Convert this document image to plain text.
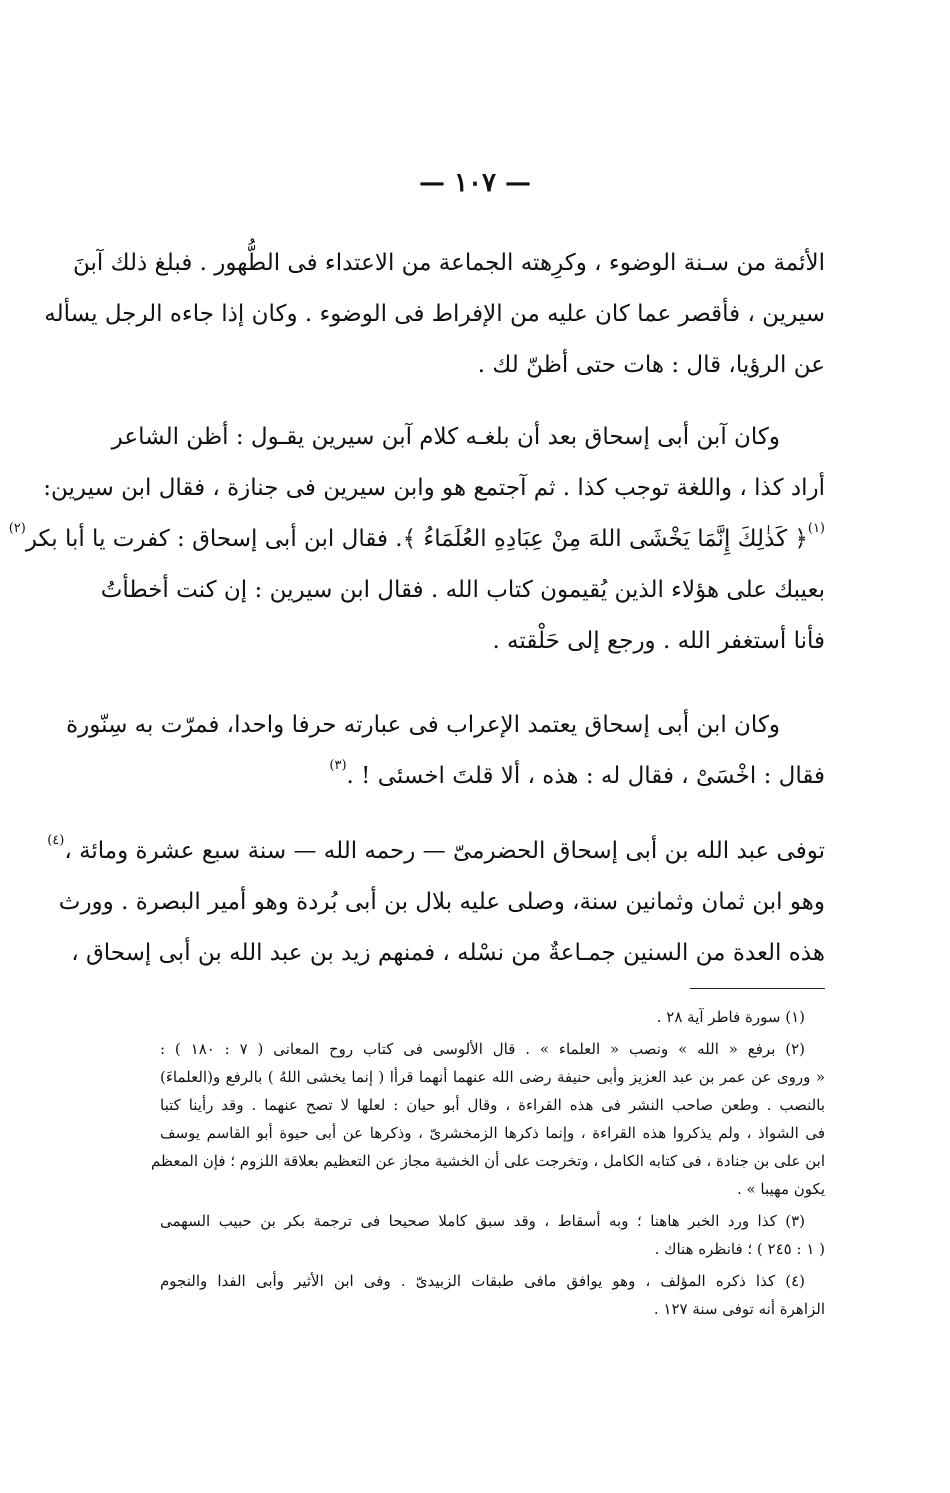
— ١٠٧ —
الأئمة من سـنة الوضوء ، وكرِهته الجماعة من الاعتداء فى الطُّهور . فبلغ ذلك آبنَ
سيرين ، فأقصر عما كان عليه من الإفراط فى الوضوء . وكان إذا جاءه الرجل يسأله
عن الرؤيا، قال : هات حتى أظنّ لك .
وكان آبن أبى إسحاق بعد أن بلغـه كلام آبن سيرين يقـول : أظن الشاعر
أراد كذا ، واللغة توجب كذا . ثم آجتمع هو وابن سيرين فى جنازة ، فقال ابن سيرين:
$^{(١)}$﴿ كَذٰلِكَ إِنَّمَا يَخْشَى اللهَ مِنْ عِبَادِهِ العُلَمَاءُ ﴾. فقال ابن أبى إسحاق : كفرت يا أبا بكر$^{(٢)}$
بعيبك على هؤلاء الذين يُقيمون كتاب الله . فقال ابن سيرين : إن كنت أخطأتُ
فأنا أستغفر الله . ورجع إلى حَلْقته .
وكان ابن أبى إسحاق يعتمد الإعراب فى عبارته حرفا واحدا، فمرّت به سِنّورة
فقال : اخْسَىْ ، فقال له : هذه ، ألا قلتَ اخسئى ! .$^{(٣)}$
توفى عبد الله بن أبى إسحاق الحضرمىّ — رحمه الله — سنة سبع عشرة ومائة ،$^{(٤)}$
وهو ابن ثمان وثمانين سنة، وصلى عليه بلال بن أبى بُردة وهو أمير البصرة . وورث
هذه العدة من السنين جمـاعةٌ من نسْله ، فمنهم زيد بن عبد الله بن أبى إسحاق ،
(١) سورة فاطر آية ٢٨ .
(٢) برفع « الله » ونصب « العلماء » . قال الألوسى فى كتاب روح المعانى ( ٧ : ١٨٠ ) :
« وروى عن عمر بن عبد العزيز وأبى حنيفة رضى الله عنهما أنهما قرأا ( إنما يخشى اللهُ ) بالرفع و(العلماءَ)
بالنصب . وطعن صاحب النشر فى هذه القراءة ، وقال أبو حيان : لعلها لا تصح عنهما . وقد رأينا كتبا
فى الشواذ ، ولم يذكروا هذه القراءة ، وإنما ذكرها الزمخشرىّ ، وذكرها عن أبى حيوة أبو القاسم يوسف
ابن على بن جنادة ، فى كتابه الكامل ، وتخرجت على أن الخشية مجاز عن التعظيم بعلاقة اللزوم ؛ فإن المعظم
يكون مهيبا » .
(٣) كذا ورد الخبر هاهنا ؛ وبه أسقاط ، وقد سبق كاملا صحيحا فى ترجمة بكر بن حبيب السهمى
( ١ : ٢٤٥ ) ؛ فانظره هناك .
(٤) كذا ذكره المؤلف ، وهو يوافق مافى طبقات الزبيدىّ . وفى ابن الأثير وأبى الفدا والنجوم
الزاهرة أنه توفى سنة ١٢٧ .
